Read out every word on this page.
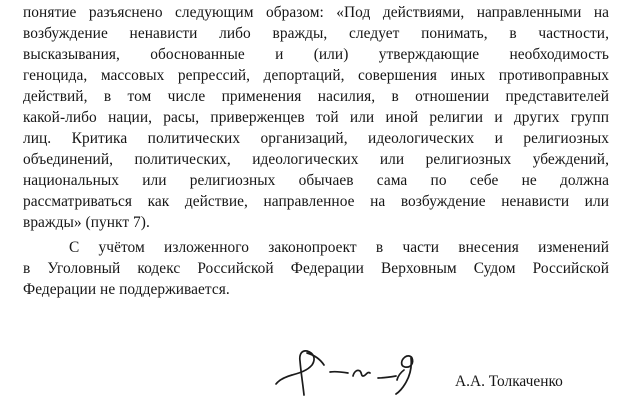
понятие разъяснено следующим образом: «Под действиями, направленными на
возбуждение ненависти либо вражды, следует понимать, в частности,
высказывания, обоснованные и (или) утверждающие необходимость
геноцида, массовых репрессий, депортаций, совершения иных противоправных
действий, в том числе применения насилия, в отношении представителей
какой-либо нации, расы, приверженцев той или иной религии и других групп
лиц. Критика политических организаций, идеологических и религиозных
объединений, политических, идеологических или религиозных убеждений,
национальных или религиозных обычаев сама по себе не должна
рассматриваться как действие, направленное на возбуждение ненависти или
вражды» (пункт 7).
С учётом изложенного законопроект в части внесения изменений
в Уголовный кодекс Российской Федерации Верховным Судом Российской
Федерации не поддерживается.
А.А. Толкаченко
